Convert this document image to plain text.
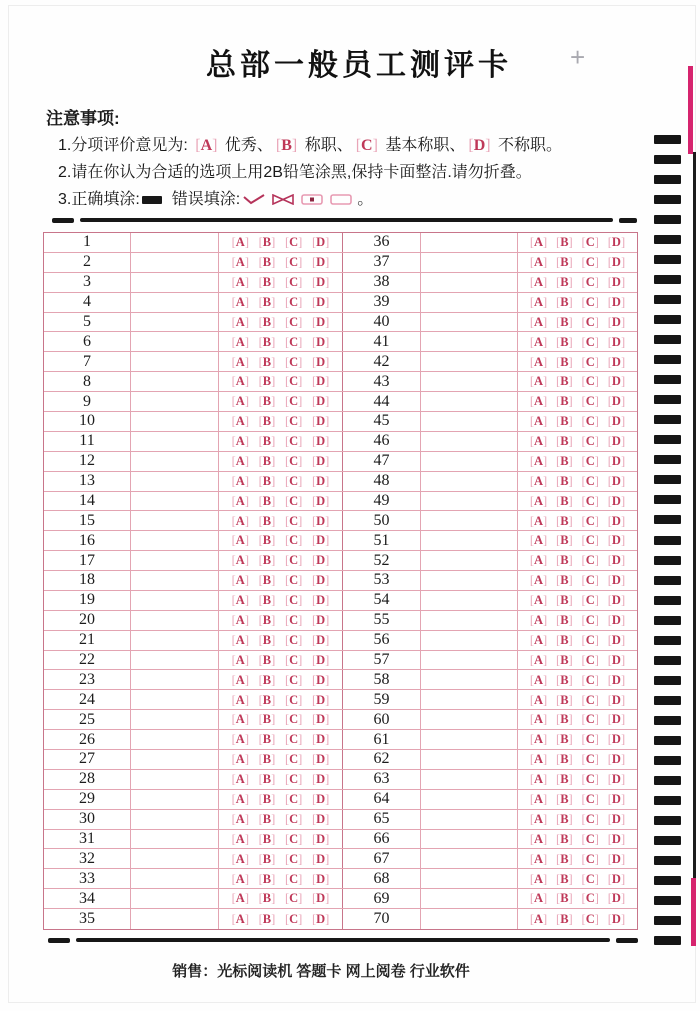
总部一般员工测评卡	+
注意事项:
1.分项评价意见为: [A] 优秀、 [B] 称职、 [C] 基本称职、 [D] 不称职。
2.请在你认为合适的选项上用2B铅笔涂黑,保持卡面整洁.请勿折叠。
3.正确填涂: 错误填涂:	。
1	[A] [B] [C] [D]	36	[A] [B] [C] [D]
2	[A] [B] [C] [D]	37	[A] [B] [C] [D]
3	[A] [B] [C] [D]	38	[A] [B] [C] [D]
4	[A] [B] [C] [D]	39	[A] [B] [C] [D]
5	[A] [B] [C] [D]	40	[A] [B] [C] [D]
6	[A] [B] [C] [D]	41	[A] [B] [C] [D]
7	[A] [B] [C] [D]	42	[A] [B] [C] [D]
8	[A] [B] [C] [D]	43	[A] [B] [C] [D]
9	[A] [B] [C] [D]	44	[A] [B] [C] [D]
10	[A] [B] [C] [D]	45	[A] [B] [C] [D]
11	[A] [B] [C] [D]	46	[A] [B] [C] [D]
12	[A] [B] [C] [D]	47	[A] [B] [C] [D]
13	[A] [B] [C] [D]	48	[A] [B] [C] [D]
14	[A] [B] [C] [D]	49	[A] [B] [C] [D]
15	[A] [B] [C] [D]	50	[A] [B] [C] [D]
16	[A] [B] [C] [D]	51	[A] [B] [C] [D]
17	[A] [B] [C] [D]	52	[A] [B] [C] [D]
18	[A] [B] [C] [D]	53	[A] [B] [C] [D]
19	[A] [B] [C] [D]	54	[A] [B] [C] [D]
20	[A] [B] [C] [D]	55	[A] [B] [C] [D]
21	[A] [B] [C] [D]	56	[A] [B] [C] [D]
22	[A] [B] [C] [D]	57	[A] [B] [C] [D]
23	[A] [B] [C] [D]	58	[A] [B] [C] [D]
24	[A] [B] [C] [D]	59	[A] [B] [C] [D]
25	[A] [B] [C] [D]	60	[A] [B] [C] [D]
26	[A] [B] [C] [D]	61	[A] [B] [C] [D]
27	[A] [B] [C] [D]	62	[A] [B] [C] [D]
28	[A] [B] [C] [D]	63	[A] [B] [C] [D]
29	[A] [B] [C] [D]	64	[A] [B] [C] [D]
30	[A] [B] [C] [D]	65	[A] [B] [C] [D]
31	[A] [B] [C] [D]	66	[A] [B] [C] [D]
32	[A] [B] [C] [D]	67	[A] [B] [C] [D]
33	[A] [B] [C] [D]	68	[A] [B] [C] [D]
34	[A] [B] [C] [D]	69	[A] [B] [C] [D]
35	[A] [B] [C] [D]	70	[A] [B] [C] [D]
销售：光标阅读机 答题卡 网上阅卷 行业软件
